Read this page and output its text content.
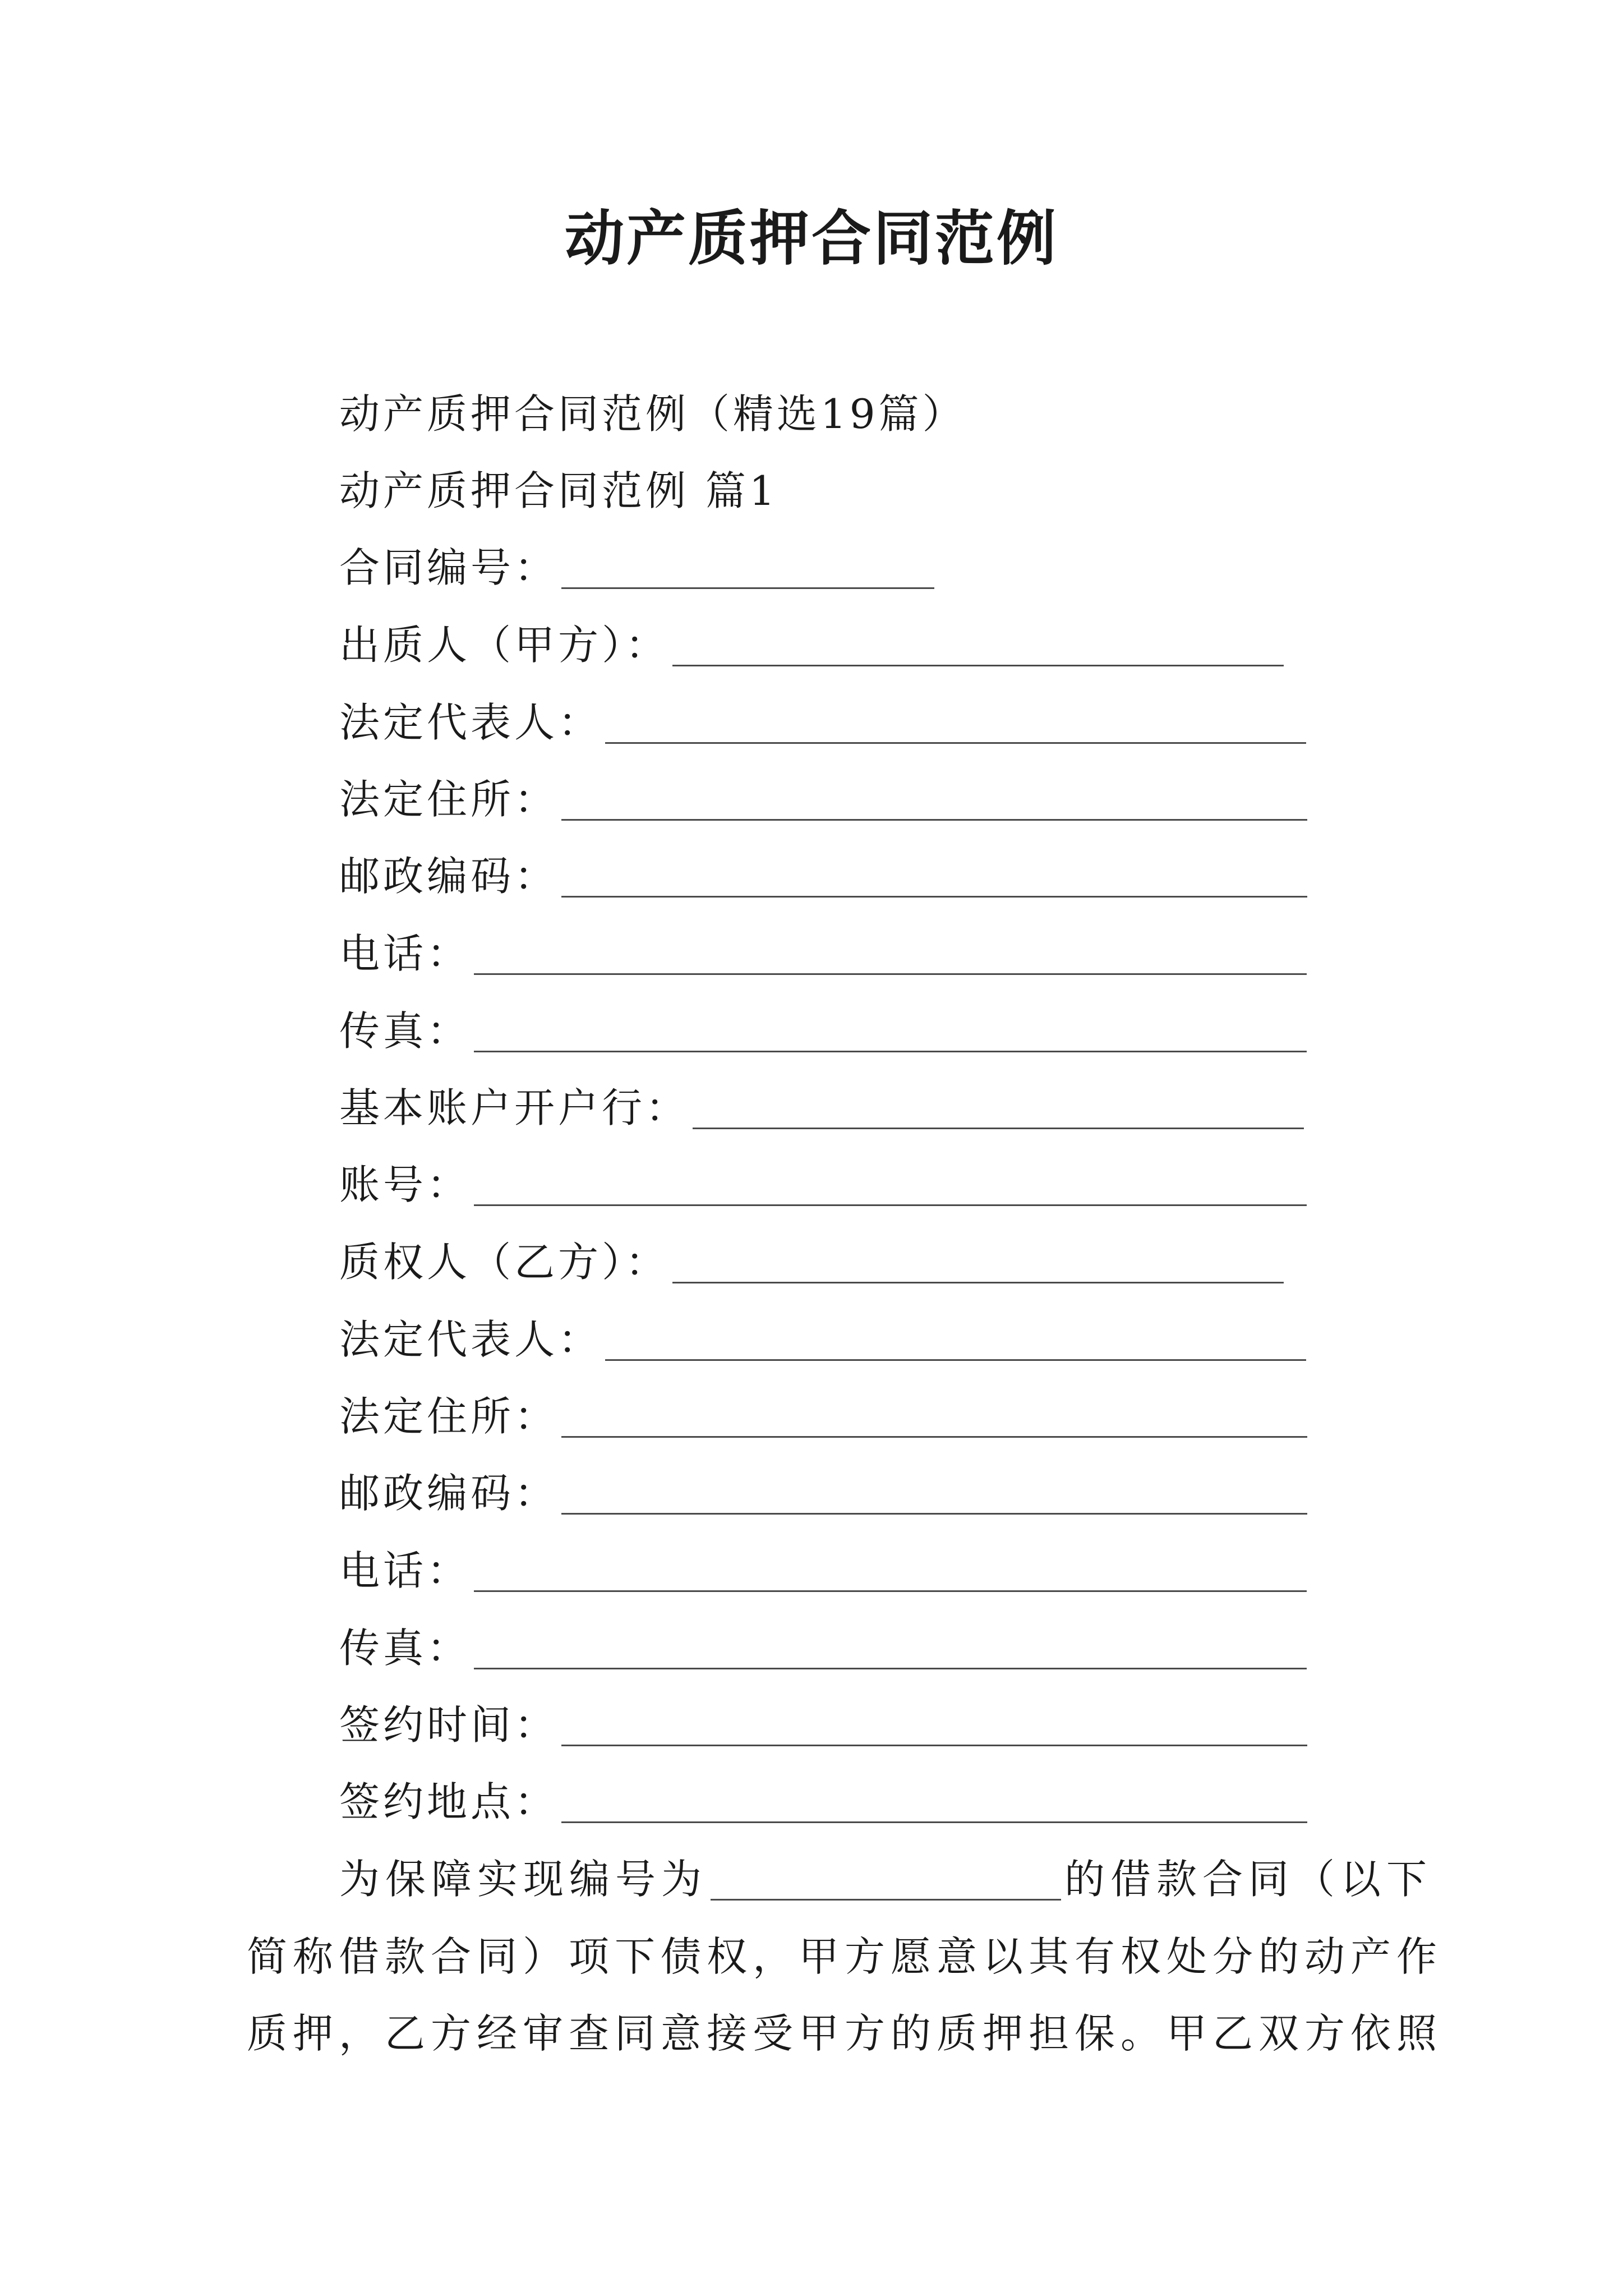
动产质押合同范例

动产质押合同范例（精选19篇）

动产质押合同范例 篇1

合同编号：
出质人（甲方）：
法定代表人：
法定住所：
邮政编码：
电话：
传真：
基本账户开户行：
账号：
质权人（乙方）：
法定代表人：
法定住所：
邮政编码：
电话：
传真：
签约时间：
签约地点：
为保障实现编号为	的借款合同（以下
简称借款合同）项下债权，甲方愿意以其有权处分的动产作
质押，乙方经审查同意接受甲方的质押担保。甲乙双方依照
